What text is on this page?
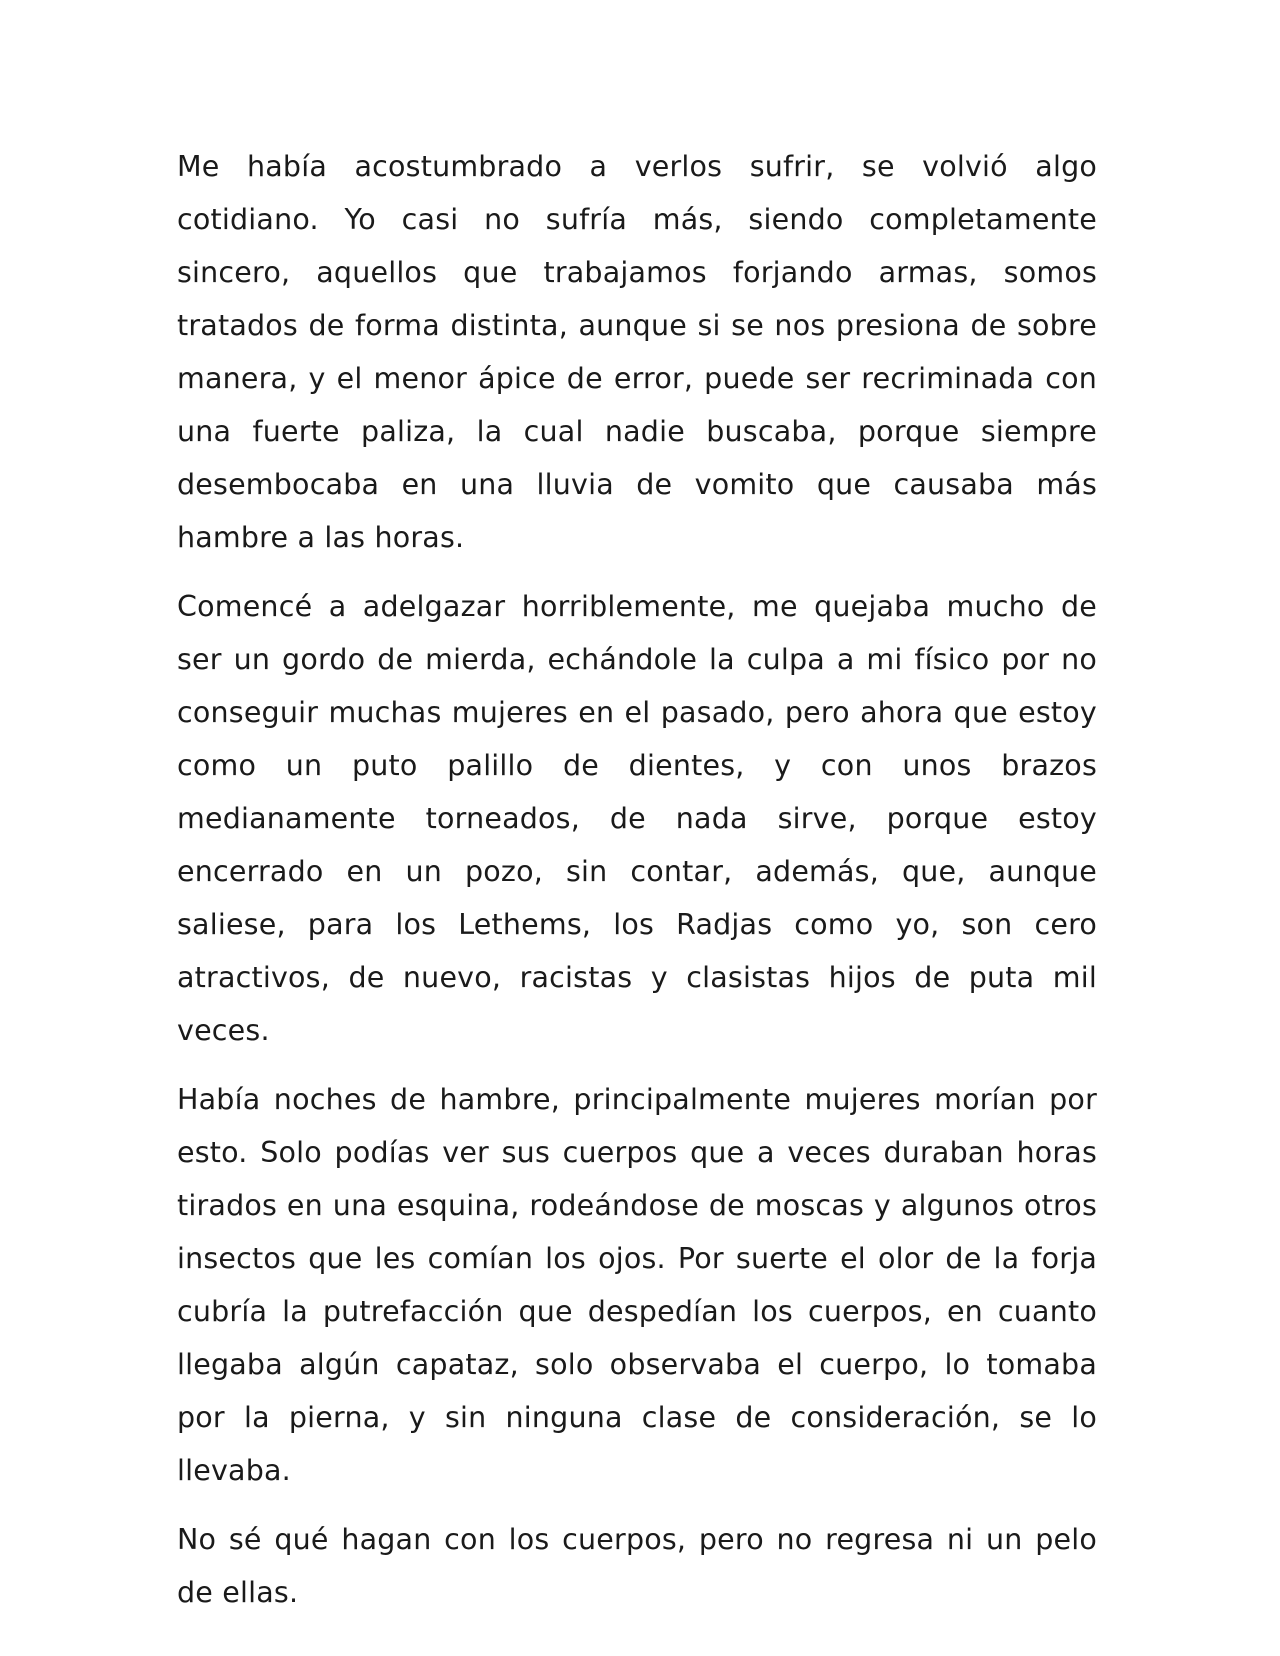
Me había acostumbrado a verlos sufrir, se volvió algo cotidiano. Yo casi no sufría más, siendo completamente sincero, aquellos que trabajamos forjando armas, somos tratados de forma distinta, aunque si se nos presiona de sobre manera, y el menor ápice de error, puede ser recriminada con una fuerte paliza, la cual nadie buscaba, porque siempre desembocaba en una lluvia de vomito que causaba más hambre a las horas.

Comencé a adelgazar horriblemente, me quejaba mucho de ser un gordo de mierda, echándole la culpa a mi físico por no conseguir muchas mujeres en el pasado, pero ahora que estoy como un puto palillo de dientes, y con unos brazos medianamente torneados, de nada sirve, porque estoy encerrado en un pozo, sin contar, además, que, aunque saliese, para los Lethems, los Radjas como yo, son cero atractivos, de nuevo, racistas y clasistas hijos de puta mil veces.

Había noches de hambre, principalmente mujeres morían por esto. Solo podías ver sus cuerpos que a veces duraban horas tirados en una esquina, rodeándose de moscas y algunos otros insectos que les comían los ojos. Por suerte el olor de la forja cubría la putrefacción que despedían los cuerpos, en cuanto llegaba algún capataz, solo observaba el cuerpo, lo tomaba por la pierna, y sin ninguna clase de consideración, se lo llevaba.

No sé qué hagan con los cuerpos, pero no regresa ni un pelo de ellas.
